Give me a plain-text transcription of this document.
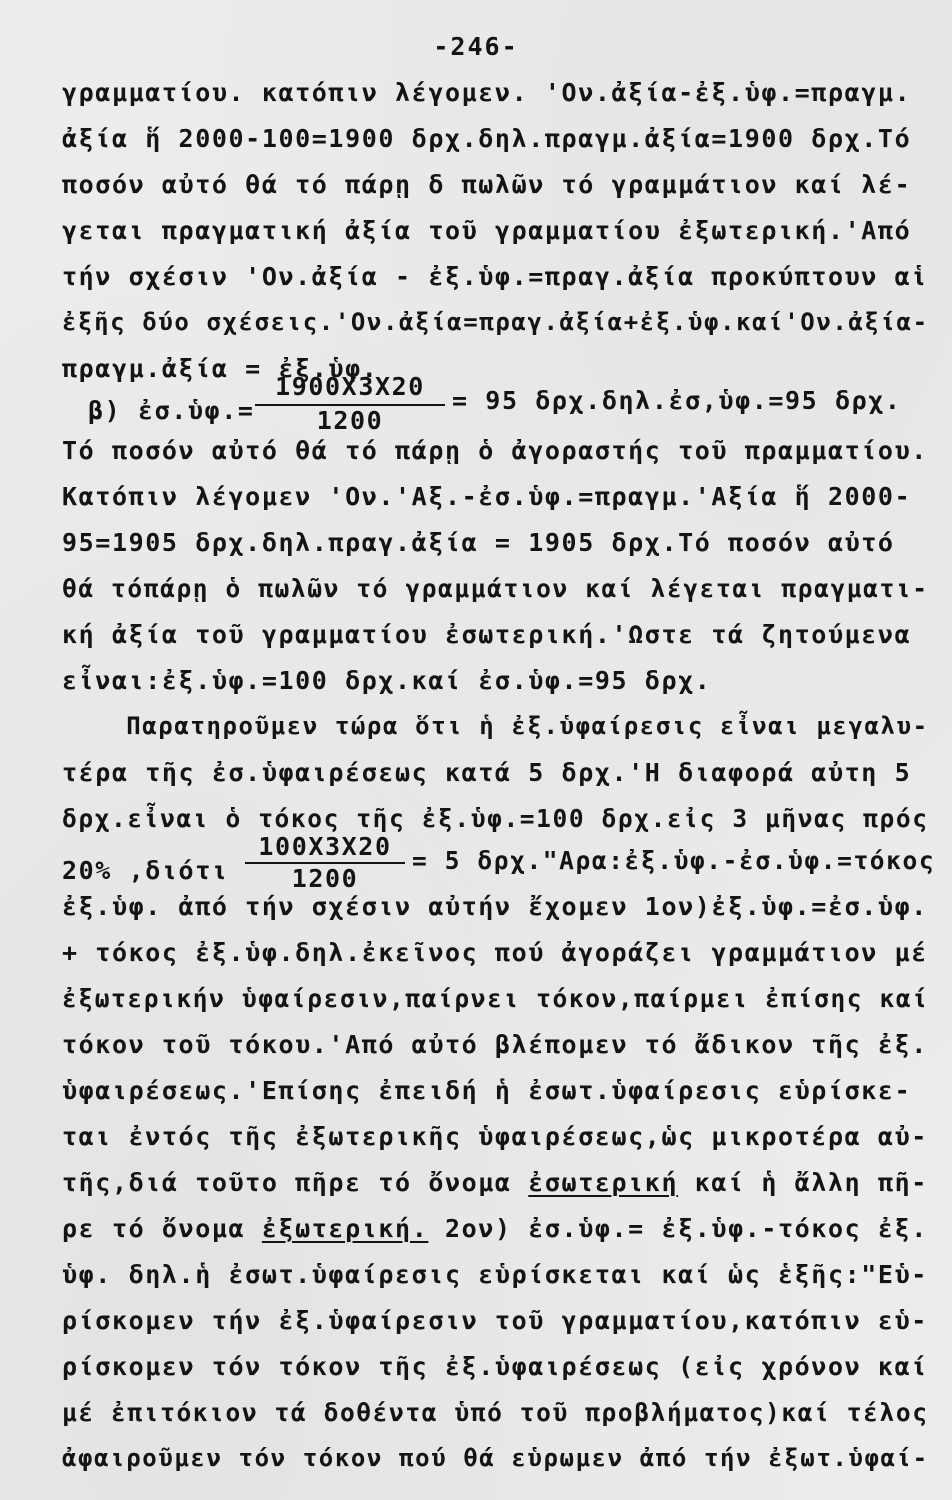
-246-
γραμματίου. κατόπιν λέγομεν. 'Ον.ἀξία-ἐξ.ὑφ.=πραγμ.
ἀξία ἥ 2000-100=1900 δρχ.δηλ.πραγμ.ἀξία=1900 δρχ.Τό
ποσόν αὐτό θά τό πάρῃ δ πωλῶν τό γραμμάτιον καί λέ-
γεται πραγματική ἀξία τοῦ γραμματίου ἐξωτερική.'Από
τήν σχέσιν 'Ον.ἀξία - ἐξ.ὑφ.=πραγ.ἀξία προκύπτουν αἱ
ἐξῆς δύο σχέσεις.'Ον.ἀξία=πραγ.ἀξία+ἐξ.ὑφ.καί'Ον.ἀξία-
πραγμ.ἀξία = ἐξ.ὑφ.
β) ἐσ.ὑφ.=
1900X3X20
1200
= 95 δρχ.δηλ.ἐσ,ὑφ.=95 δρχ.
Τό ποσόν αὐτό θά τό πάρῃ ὁ ἀγοραστής τοῦ πραμματίου.
Κατόπιν λέγομεν 'Ον.'Αξ.-ἐσ.ὑφ.=πραγμ.'Αξία ἥ 2000-
95=1905 δρχ.δηλ.πραγ.ἀξία = 1905 δρχ.Τό ποσόν αὐτό
θά τόπάρῃ ὁ πωλῶν τό γραμμάτιον καί λέγεται πραγματι-
κή ἀξία τοῦ γραμματίου ἐσωτερική.'Ωστε τά ζητούμενα
εἶναι:ἐξ.ὑφ.=100 δρχ.καί ἐσ.ὑφ.=95 δρχ.
Παρατηροῦμεν τώρα ὅτι ἡ ἐξ.ὑφαίρεσις εἶναι μεγαλυ-
τέρα τῆς ἐσ.ὑφαιρέσεως κατά 5 δρχ.'Η διαφορά αὐτη 5
δρχ.εἶναι ὁ τόκος τῆς ἐξ.ὑφ.=100 δρχ.εἰς 3 μῆνας πρός
20% ,διότι
100X3X20
1200
= 5 δρχ."Αρα:ἐξ.ὑφ.-ἐσ.ὑφ.=τόκος
ἐξ.ὑφ. ἀπό τήν σχέσιν αὐτήν ἔχομεν 1ον)ἐξ.ὑφ.=ἐσ.ὑφ.
+ τόκος ἐξ.ὑφ.δηλ.ἐκεῖνος πού ἀγοράζει γραμμάτιον μέ
ἐξωτερικήν ὑφαίρεσιν,παίρνει τόκον,παίρμει ἐπίσης καί
τόκον τοῦ τόκου.'Από αὐτό βλέπομεν τό ἄδικον τῆς ἐξ.
ὑφαιρέσεως.'Επίσης ἐπειδή ἡ ἐσωτ.ὑφαίρεσις εὑρίσκε-
ται ἐντός τῆς ἐξωτερικῆς ὑφαιρέσεως,ὡς μικροτέρα αὐ-
τῆς,διά τοῦτο πῆρε τό ὄνομα ἐσωτερική καί ἡ ἄλλη πῆ-
ρε τό ὄνομα ἐξωτερική. 2ον) ἐσ.ὑφ.= ἐξ.ὑφ.-τόκος ἐξ.
ὑφ. δηλ.ἡ ἐσωτ.ὑφαίρεσις εὑρίσκεται καί ὡς ἑξῆς:"Εὑ-
ρίσκομεν τήν ἐξ.ὑφαίρεσιν τοῦ γραμματίου,κατόπιν εὑ-
ρίσκομεν τόν τόκον τῆς ἐξ.ὑφαιρέσεως (εἰς χρόνον καί
μέ ἐπιτόκιον τά δοθέντα ὑπό τοῦ προβλήματος)καί τέλος
ἀφαιροῦμεν τόν τόκον πού θά εὑρωμεν ἀπό τήν ἐξωτ.ὑφαί-
